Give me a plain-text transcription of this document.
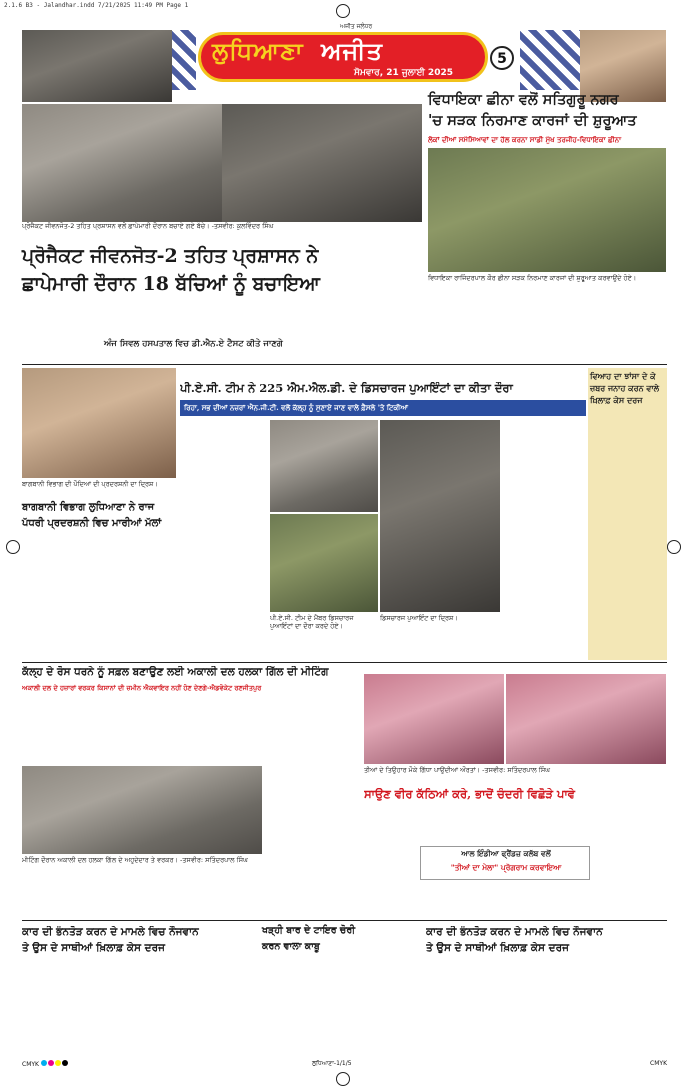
2.1.6 B3 - Jalandhar.indd 7/21/2025 11:49 PM Page 1
ਅਜੀਤ ਜਲੰਧਰ
ਲੁਧਿਆਣਾ ਅਜੀਤ
ਸੋਮਵਾਰ, 21 ਜੁਲਾਈ 2025
5
ਪ੍ਰੋਜੈਕਟ ਜੀਵਨਜੋਤ-2 ਤਹਿਤ ਪ੍ਰਸ਼ਾਸਨ ਵਲੋਂ ਛਾਪੇਮਾਰੀ ਦੌਰਾਨ ਬਚਾਏ ਗਏ ਬੱਚੇ। -ਤਸਵੀਰ: ਕੁਲਵਿੰਦਰ ਸਿੰਘ
ਵਿਧਾਇਕਾ ਛੀਨਾ ਵਲੋਂ ਸਤਿਗੁਰੂ ਨਗਰ
'ਚ ਸੜਕ ਨਿਰਮਾਣ ਕਾਰਜਾਂ ਦੀ ਸ਼ੁਰੂਆਤ
ਲੋਕਾਂ ਦੀਆਂ ਸਮੱਸਿਆਵਾਂ ਦਾ ਹੱਲ ਕਰਨਾ ਸਾਡੀ ਮੁੱਖ ਤਰਜੀਹ-ਵਿਧਾਇਕਾ ਛੀਨਾ
ਵਿਧਾਇਕਾ ਰਾਜਿੰਦਰਪਾਲ ਕੌਰ ਛੀਨਾ ਸੜਕ ਨਿਰਮਾਣ ਕਾਰਜਾਂ ਦੀ ਸ਼ੁਰੂਆਤ ਕਰਵਾਉਂਦੇ ਹੋਏ।
ਪ੍ਰੋਜੈਕਟ ਜੀਵਨਜੋਤ-2 ਤਹਿਤ ਪ੍ਰਸ਼ਾਸਨ ਨੇ
ਛਾਪੇਮਾਰੀ ਦੌਰਾਨ 18 ਬੱਚਿਆਂ ਨੂੰ ਬਚਾਇਆ
ਅੰਜ ਸਿਵਲ ਹਸਪਤਾਲ ਵਿਚ ਡੀ.ਐਨ.ਏ ਟੈਸਟ ਕੀਤੇ ਜਾਣਗੇ
ਬਾਗਬਾਨੀ ਵਿਭਾਗ ਦੀ ਪੌਦਿਆਂ ਦੀ ਪ੍ਰਦਰਸ਼ਨੀ ਦਾ ਦ੍ਰਿਸ਼।
ਬਾਗਬਾਨੀ ਵਿਭਾਗ ਲੁਧਿਆਣਾ ਨੇ ਰਾਜ
ਪੱਧਰੀ ਪ੍ਰਦਰਸ਼ਨੀ ਵਿਚ ਮਾਰੀਆਂ ਮੱਲਾਂ
ਪੀ.ਏ.ਸੀ. ਟੀਮ ਨੇ 225 ਐਮ.ਐਲ.ਡੀ. ਦੇ ਡਿਸਚਾਰਜ ਪੁਆਇੰਟਾਂ ਦਾ ਕੀਤਾ ਦੌਰਾ
ਰਿਹਾ, ਸਭ ਦੀਆਂ ਨਜ਼ਰਾਂ ਐਨ.ਜੀ.ਟੀ. ਵਲੋਂ ਕੱਲ੍ਹ ਨੂੰ ਸੁਣਾਏ ਜਾਣ ਵਾਲੇ ਫ਼ੈਸਲੇ 'ਤੇ ਟਿਕੀਆਂ
ਪੀ.ਏ.ਸੀ. ਟੀਮ ਦੇ ਮੈਂਬਰ ਡਿਸਚਾਰਜ ਪੁਆਇੰਟਾਂ ਦਾ ਦੌਰਾ ਕਰਦੇ ਹੋਏ।
ਡਿਸਚਾਰਜ ਪੁਆਇੰਟ ਦਾ ਦ੍ਰਿਸ਼।
ਵਿਆਹ ਦਾ ਝਾਂਸਾ ਦੇ ਕੇ
ਜ਼ਬਰ ਜਨਾਹ ਕਰਨ ਵਾਲੇ
ਖ਼ਿਲਾਫ਼ ਕੇਸ ਦਰਜ
ਕੱਲ੍ਹ ਦੇ ਰੋਸ ਧਰਨੇ ਨੂੰ ਸਫ਼ਲ ਬਣਾਉਣ ਲਈ ਅਕਾਲੀ ਦਲ ਹਲਕਾ ਗਿੱਲ ਦੀ ਮੀਟਿੰਗ
ਅਕਾਲੀ ਦਲ ਦੇ ਹਜ਼ਾਰਾਂ ਵਰਕਰ ਕਿਸਾਨਾਂ ਦੀ ਜ਼ਮੀਨ ਐਕਵਾਇਰ ਨਹੀਂ ਹੋਣ ਦੇਣਗੇ-ਐਡਵੋਕੇਟ ਰਣਜੀਤਪੁਰ
ਮੀਟਿੰਗ ਦੌਰਾਨ ਅਕਾਲੀ ਦਲ ਹਲਕਾ ਗਿੱਲ ਦੇ ਅਹੁਦੇਦਾਰ ਤੇ ਵਰਕਰ। -ਤਸਵੀਰ: ਸਤਿੰਦਰਪਾਲ ਸਿੰਘ
ਤੀਆਂ ਦੇ ਤਿਉਹਾਰ ਮੌਕੇ ਗਿੱਧਾ ਪਾਉਂਦੀਆਂ ਔਰਤਾਂ। -ਤਸਵੀਰ: ਸਤਿੰਦਰਪਾਲ ਸਿੰਘ
ਸਾਉਣ ਵੀਰ ਕੱਠਿਆਂ ਕਰੇ, ਭਾਦੋਂ ਚੰਦਰੀ ਵਿਛੋੜੇ ਪਾਵੇ
ਆਲ ਇੰਡੀਆ ਫ੍ਰੈਂਡਜ਼ ਕਲੱਬ ਵਲੋਂ
"ਤੀਆਂ ਦਾ ਮੇਲਾ" ਪ੍ਰੋਗਰਾਮ ਕਰਵਾਇਆ
ਕਾਰ ਦੀ ਭੰਨਤੋੜ ਕਰਨ ਦੇ ਮਾਮਲੇ ਵਿਚ ਨੌਜਵਾਨ
ਤੇ ਉਸ ਦੇ ਸਾਥੀਆਂ ਖ਼ਿਲਾਫ਼ ਕੇਸ ਦਰਜ
ਖੜ੍ਹੀ ਬਾਰ ਦੇ ਟਾਇਰ ਚੋਰੀ
ਕਰਨ ਵਾਲਾ ਕਾਬੂ
ਕਾਰ ਦੀ ਭੰਨਤੋੜ ਕਰਨ ਦੇ ਮਾਮਲੇ ਵਿਚ ਨੌਜਵਾਨ
ਤੇ ਉਸ ਦੇ ਸਾਥੀਆਂ ਖ਼ਿਲਾਫ਼ ਕੇਸ ਦਰਜ
CMYK	ਲੁਧਿਆਣਾ-1/1/5	CMYK
